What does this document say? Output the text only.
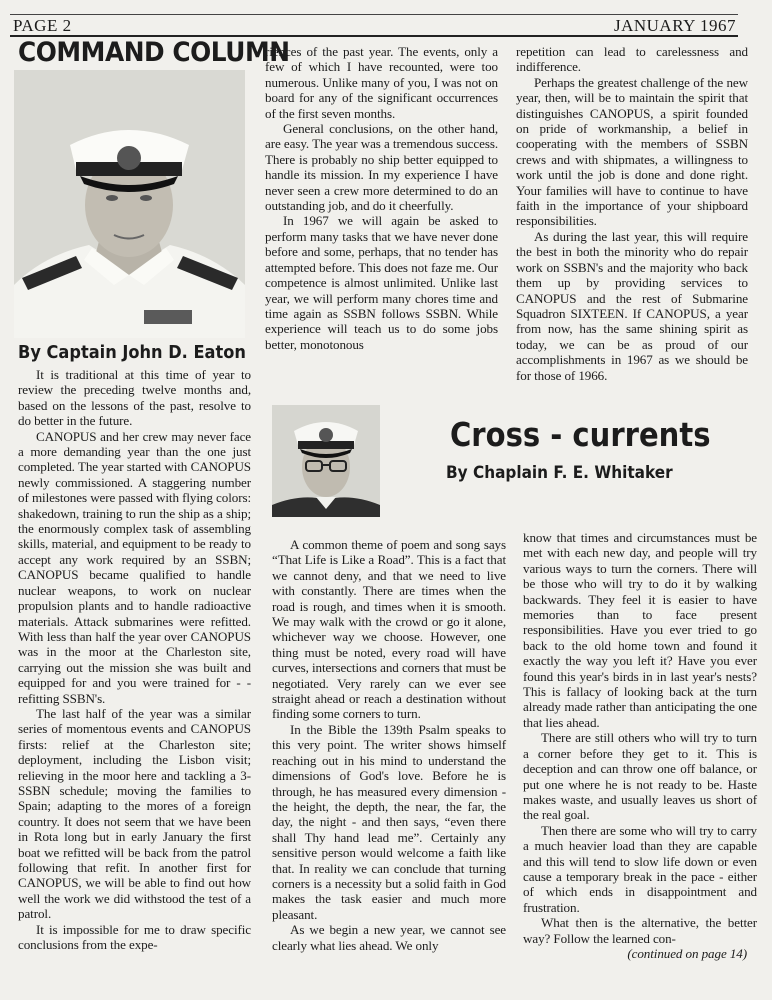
PAGE 2	JANUARY 1967
COMMAND COLUMN
By Captain John D. Eaton

It is traditional at this time of year to review the preceding twelve months and, based on the lessons of the past, resolve to do better in the future.

CANOPUS and her crew may never face a more demanding year than the one just completed. The year started with CANOPUS newly commissioned. A staggering number of milestones were passed with flying colors: shakedown, training to run the ship as a ship; the enormously complex task of assembling skills, material, and equipment to be ready to accept any work required by an SSBN; CANOPUS became qualified to handle nuclear weapons, to work on nuclear propulsion plants and to handle radioactive materials. Attack submarines were refitted. With less than half the year over CANOPUS was in the moor at the Charleston site, carrying out the mission she was built and equipped for and you were trained for - - refitting SSBN's.

The last half of the year was a similar series of momentous events and CANOPUS firsts: relief at the Charleston site; deployment, including the Lisbon visit; relieving in the moor here and tackling a 3-SSBN schedule; moving the families to Spain; adapting to the mores of a foreign country. It does not seem that we have been in Rota long but in early January the first boat we refitted will be back from the patrol following that refit. In another first for CANOPUS, we will be able to find out how well the work we did withstood the test of a patrol.

It is impossible for me to draw specific conclusions from the expe-

riences of the past year. The events, only a few of which I have recounted, were too numerous. Unlike many of you, I was not on board for any of the significant occurrences of the first seven months.

General conclusions, on the other hand, are easy. The year was a tremendous success. There is probably no ship better equipped to handle its mission. In my experience I have never seen a crew more determined to do an outstanding job, and do it cheerfully.

In 1967 we will again be asked to perform many tasks that we have never done before and some, perhaps, that no tender has attempted before. This does not faze me. Our competence is almost unlimited. Unlike last year, we will perform many chores time and time again as SSBN follows SSBN. While experience will teach us to do some jobs better, monotonous

repetition can lead to carelessness and indifference.

Perhaps the greatest challenge of the new year, then, will be to maintain the spirit that distinguishes CANOPUS, a spirit founded on pride of workmanship, a belief in cooperating with the members of SSBN crews and with shipmates, a willingness to work until the job is done and done right. Your families will have to continue to have faith in the importance of your shipboard responsibilities.

As during the last year, this will require the best in both the minority who do repair work on SSBN's and the majority who back them up by providing services to CANOPUS and the rest of Submarine Squadron SIXTEEN. If CANOPUS, a year from now, has the same shining spirit as today, we can be as proud of our accomplishments in 1967 as we should be for those of 1966.

Cross - currents
By Chaplain F. E. Whitaker

A common theme of poem and song says “That Life is Like a Road”. This is a fact that we cannot deny, and that we need to live with constantly. There are times when the road is rough, and times when it is smooth. We may walk with the crowd or go it alone, whichever way we choose. However, one thing must be noted, every road will have curves, intersections and corners that must be negotiated. Very rarely can we ever see straight ahead or reach a destination without finding some corners to turn.

In the Bible the 139th Psalm speaks to this very point. The writer shows himself reaching out in his mind to understand the dimensions of God's love. Before he is through, he has measured every dimension - the height, the depth, the near, the far, the day, the night - and then says, “even there shall Thy hand lead me”. Certainly any sensitive person would welcome a faith like that. In reality we can conclude that turning corners is a necessity but a solid faith in God makes the task easier and much more pleasant.

As we begin a new year, we cannot see clearly what lies ahead. We only

know that times and circumstances must be met with each new day, and people will try various ways to turn the corners. There will be those who will try to do it by walking backwards. They feel it is easier to have memories than to face present responsibilities. Have you ever tried to go back to the old home town and found it exactly the way you left it? Have you ever found this year's birds in in last year's nests? This is fallacy of looking back at the turn already made rather than anticipating the one that lies ahead.

There are still others who will try to turn a corner before they get to it. This is deception and can throw one off balance, or put one where he is not ready to be. Haste makes waste, and usually leaves us short of the real goal.

Then there are some who will try to carry a much heavier load than they are capable and this will tend to slow life down or even cause a temporary break in the pace - either of which ends in disappointment and frustration.

What then is the alternative, the better way? Follow the learned con-

(continued on page 14)
